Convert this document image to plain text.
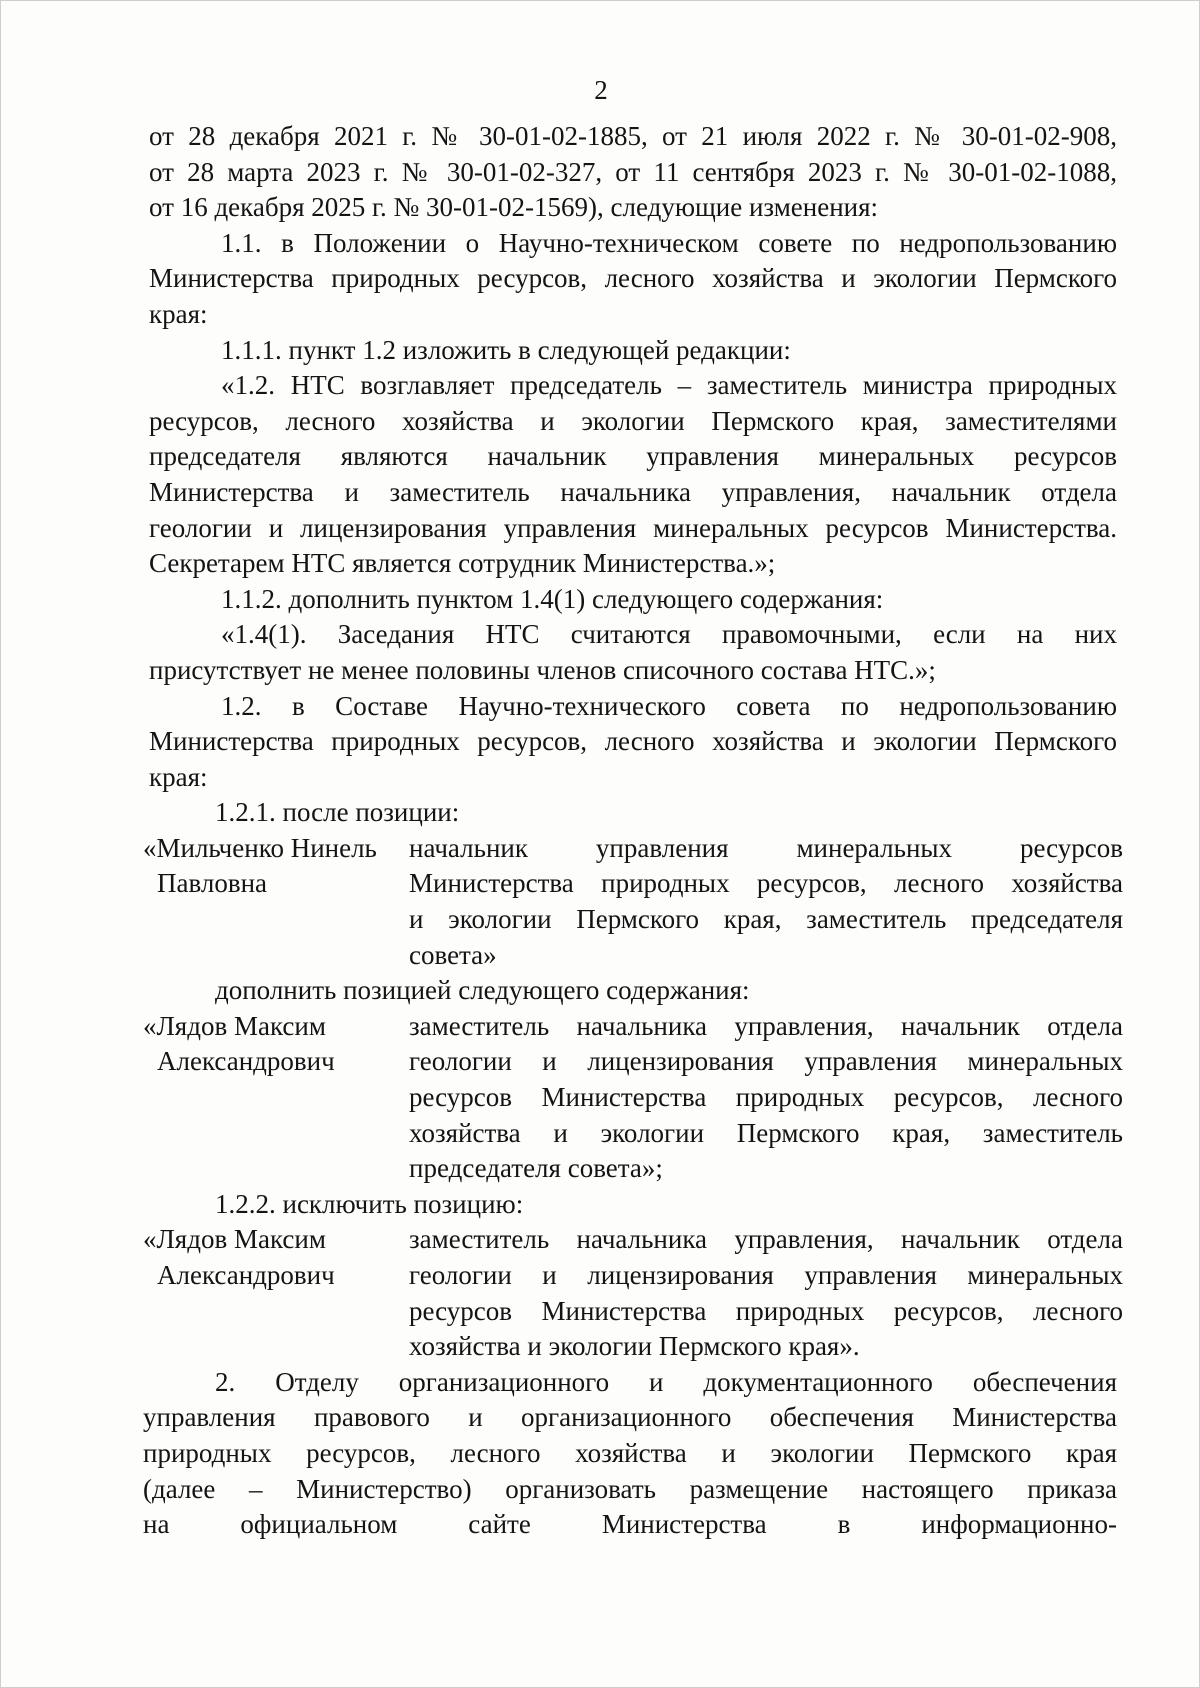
2
от 28 декабря 2021 г. № 30-01-02-1885, от 21 июля 2022 г. № 30-01-02-908,
от 28 марта 2023 г. № 30-01-02-327, от 11 сентября 2023 г. № 30-01-02-1088,
от 16 декабря 2025 г. № 30-01-02-1569), следующие изменения:
1.1. в Положении о Научно-техническом совете по недропользованию
Министерства природных ресурсов, лесного хозяйства и экологии Пермского
края:
1.1.1. пункт 1.2 изложить в следующей редакции:
«1.2. НТС возглавляет председатель – заместитель министра природных
ресурсов, лесного хозяйства и экологии Пермского края, заместителями
председателя являются начальник управления минеральных ресурсов
Министерства и заместитель начальника управления, начальник отдела
геологии и лицензирования управления минеральных ресурсов Министерства.
Секретарем НТС является сотрудник Министерства.»;
1.1.2. дополнить пунктом 1.4(1) следующего содержания:
«1.4(1). Заседания НТС считаются правомочными, если на них
присутствует не менее половины членов списочного состава НТС.»;
1.2. в Составе Научно-технического совета по недропользованию
Министерства природных ресурсов, лесного хозяйства и экологии Пермского
края:
1.2.1. после позиции:
«Мильченко Нинель
Павловна
начальник управления минеральных ресурсов
Министерства природных ресурсов, лесного хозяйства
и экологии Пермского края, заместитель председателя
совета»
дополнить позицией следующего содержания:
«Лядов Максим
Александрович
заместитель начальника управления, начальник отдела
геологии и лицензирования управления минеральных
ресурсов Министерства природных ресурсов, лесного
хозяйства и экологии Пермского края, заместитель
председателя совета»;
1.2.2. исключить позицию:
«Лядов Максим
Александрович
заместитель начальника управления, начальник отдела
геологии и лицензирования управления минеральных
ресурсов Министерства природных ресурсов, лесного
хозяйства и экологии Пермского края».
2. Отделу организационного и документационного обеспечения
управления правового и организационного обеспечения Министерства
природных ресурсов, лесного хозяйства и экологии Пермского края
(далее – Министерство) организовать размещение настоящего приказа
на официальном сайте Министерства в информационно-
